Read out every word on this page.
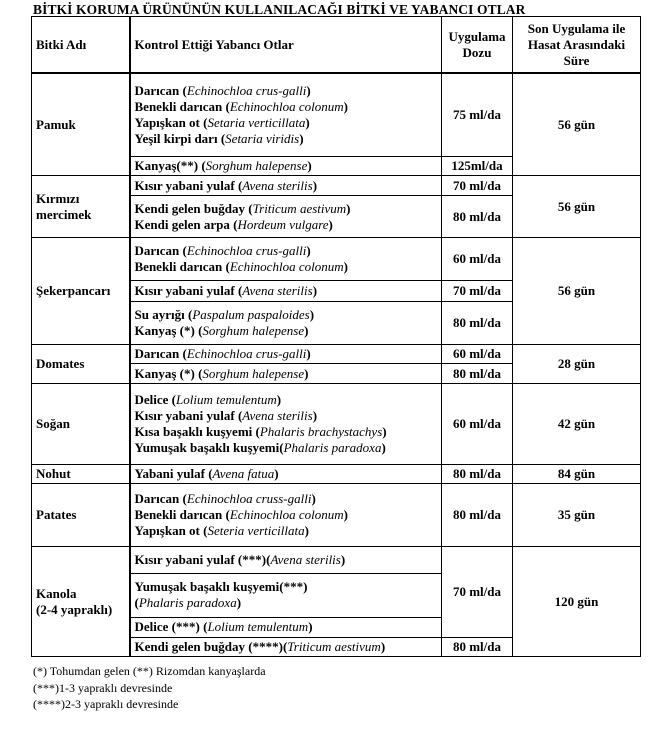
BİTKİ KORUMA ÜRÜNÜNÜN KULLANILACAĞI BİTKİ VE YABANCI OTLAR
Bitki Adı	Kontrol Ettiği Yabancı Otlar	Uygulama
Dozu	Son Uygulama ile
Hasat Arasındaki
Süre

Pamuk	Darıcan (Echinochloa crus-galli)
Benekli darıcan (Echinochloa colonum)
Yapışkan ot (Setaria verticillata)
Yeşil kirpi darı (Setaria viridis)	75 ml/da	56 gün

	Kanyaş(**) (Sorghum halepense)	125ml/da	

Kırmızı
mercimek	Kısır yabani yulaf (Avena sterilis)	70 ml/da	56 gün

	Kendi gelen buğday (Triticum aestivum)
Kendi gelen arpa (Hordeum vulgare)	80 ml/da	
Şekerpancarı	Darıcan (Echinochloa crus-galli)
Benekli darıcan (Echinochloa colonum)	60 ml/da	56 gün

	Kısır yabani yulaf (Avena sterilis)	70 ml/da	

	Su ayrığı (Paspalum paspaloides)
Kanyaş (*) (Sorghum halepense)	80 ml/da	
Domates	Darıcan (Echinochloa crus-galli)	60 ml/da	28 gün

	Kanyaş (*) (Sorghum halepense)	80 ml/da	
Soğan	Delice (Lolium temulentum)
Kısır yabani yulaf (Avena sterilis)
Kısa başaklı kuşyemi (Phalaris brachystachys)
Yumuşak başaklı kuşyemi(Phalaris paradoxa)	60 ml/da	42 gün
Nohut	Yabani yulaf (Avena fatua)	80 ml/da	84 gün
Patates	Darıcan (Echinochloa cruss-galli)
Benekli darıcan (Echinochloa colonum)
Yapışkan ot (Seteria verticillata)	80 ml/da	35 gün

Kanola
(2-4 yapraklı)	Kısır yabani yulaf (***)(Avena sterilis)	70 ml/da	120 gün

	Yumuşak başaklı kuşyemi(***)
(Phalaris paradoxa)		

	Delice (***) (Lolium temulentum)		

	Kendi gelen buğday (****)(Triticum aestivum)	80 ml/da	
(*) Tohumdan gelen (**) Rizomdan kanyaşlarda
(***)1-3 yapraklı devresinde
(****)2-3 yapraklı devresinde
